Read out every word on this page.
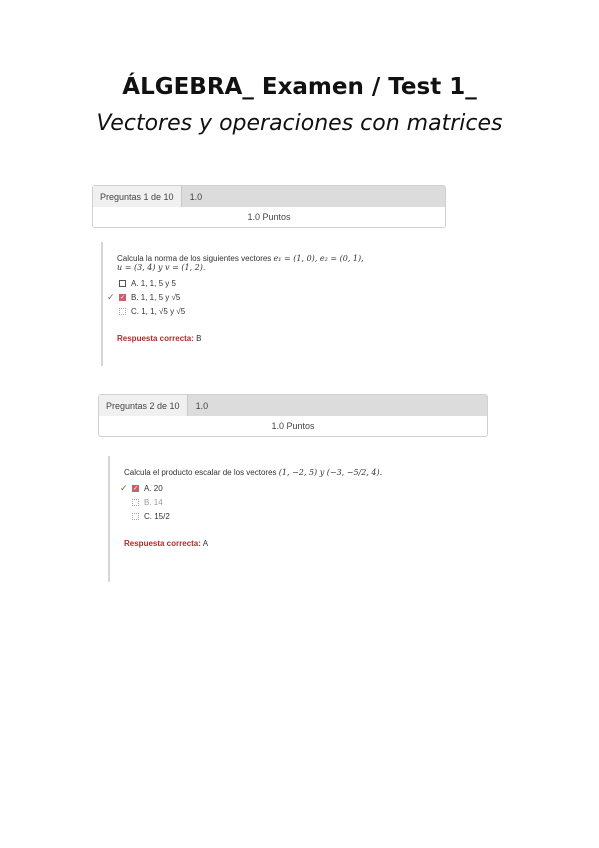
ÁLGEBRA_ Examen / Test 1_
Vectores y operaciones con matrices
Preguntas 1 de 10	1.0
1.0 Puntos
Calcula la norma de los siguientes vectores e₁ = (1, 0), e₂ = (0, 1),
u = (3, 4) y v = (1, 2).
A. 1, 1, 5 y 5
✓ ✓ B. 1, 1, 5 y √5
C. 1, 1, √5 y √5
Respuesta correcta: B
Preguntas 2 de 10	1.0
1.0 Puntos
Calcula el producto escalar de los vectores (1, −2, 5) y (−3, −5/2, 4).
✓ ✓ A. 20
B. 14
C. 15/2
Respuesta correcta: A
